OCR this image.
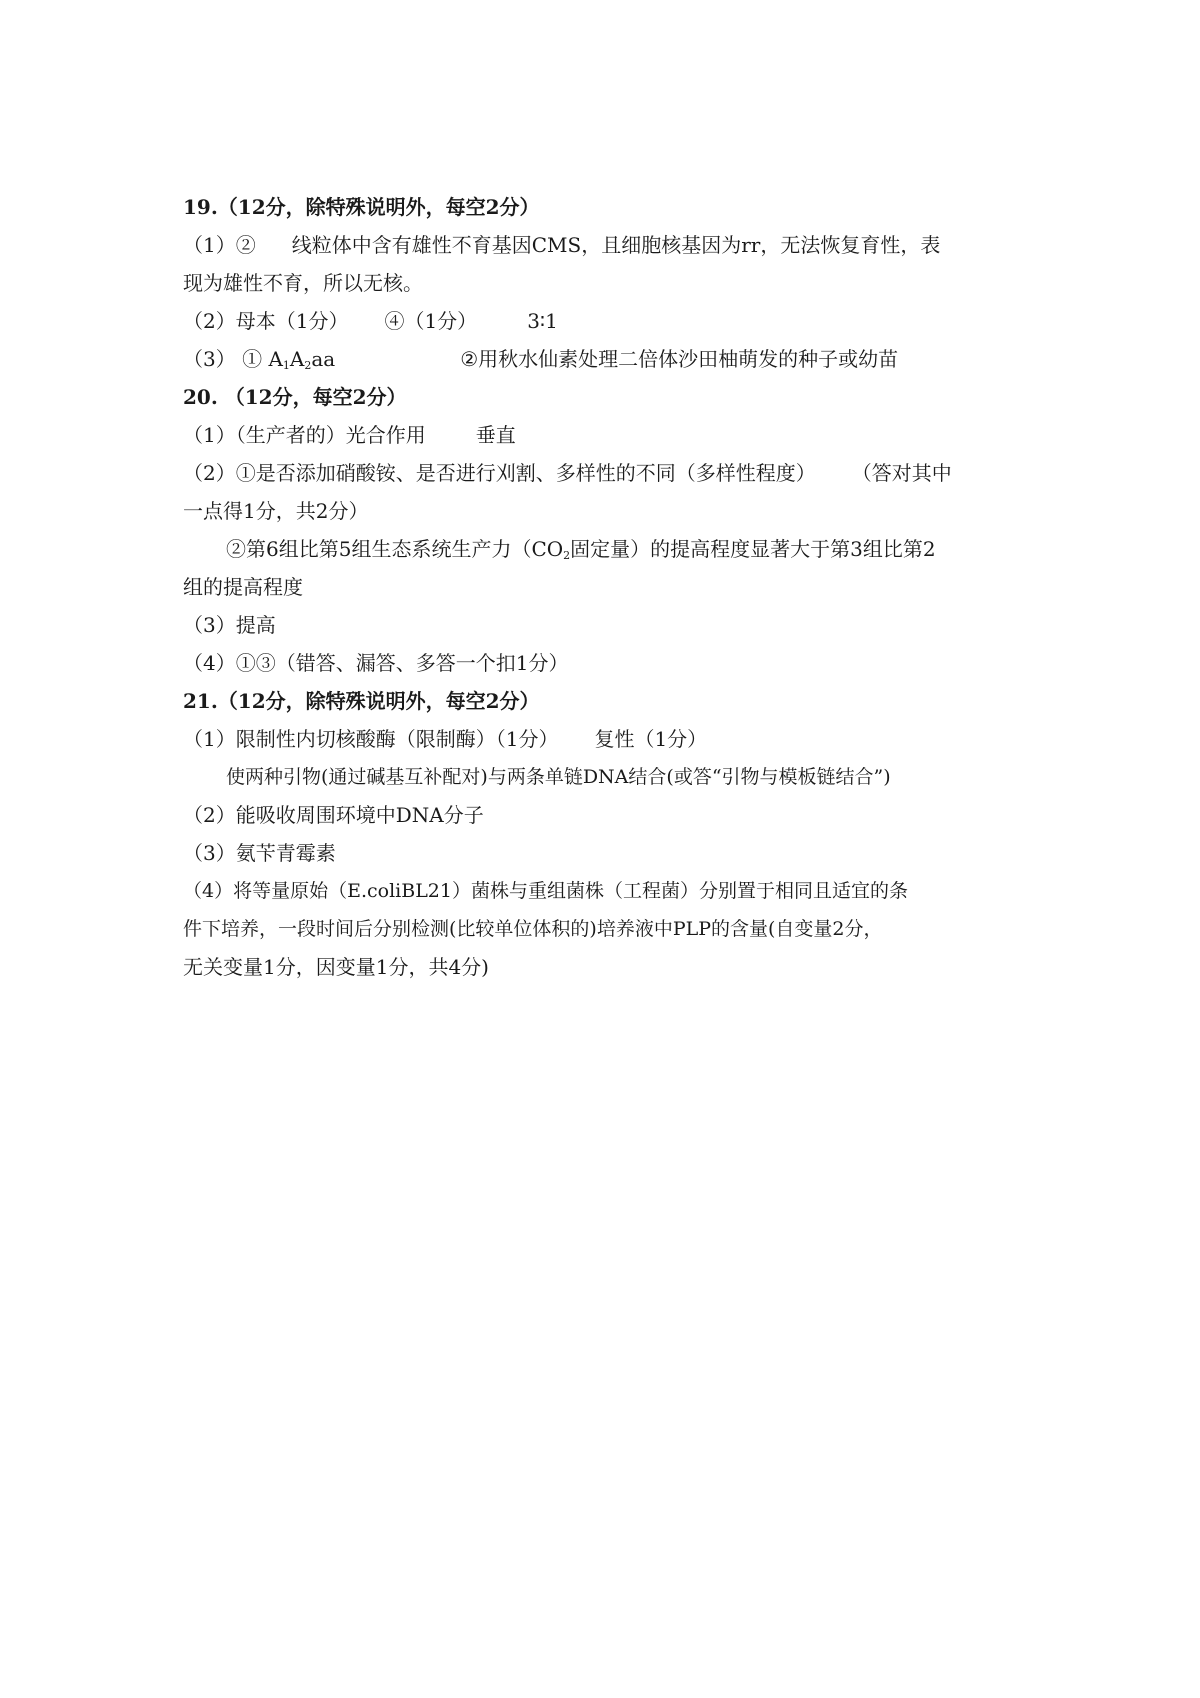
19.（12分，除特殊说明外，每空2分）
（1）② 线粒体中含有雄性不育基因CMS，且细胞核基因为rr，无法恢复育性，表
现为雄性不育，所以无核。
（2）母本（1分） ④（1分）	3∶1
（3） ① $A_1A_2aa$	②用秋水仙素处理二倍体沙田柚萌发的种子或幼苗
20. （12分，每空2分）
（1）（生产者的）光合作用	垂直
（2）①是否添加硝酸铵、是否进行刈割、多样性的不同（多样性程度） （答对其中
一点得1分，共2分）
②第6组比第5组生态系统生产力（$CO_2$固定量）的提高程度显著大于第3组比第2
组的提高程度
（3）提高
（4）①③（错答、漏答、多答一个扣1分）
21.（12分，除特殊说明外，每空2分）
（1）限制性内切核酸酶（限制酶）（1分） 复性（1分）
使两种引物(通过碱基互补配对)与两条单链DNA结合(或答“引物与模板链结合”)
（2）能吸收周围环境中DNA分子
（3）氨苄青霉素
（4）将等量原始（E.coliBL21）菌株与重组菌株（工程菌）分别置于相同且适宜的条
件下培养，一段时间后分别检测(比较单位体积的)培养液中PLP的含量(自变量2分，
无关变量1分，因变量1分，共4分)
